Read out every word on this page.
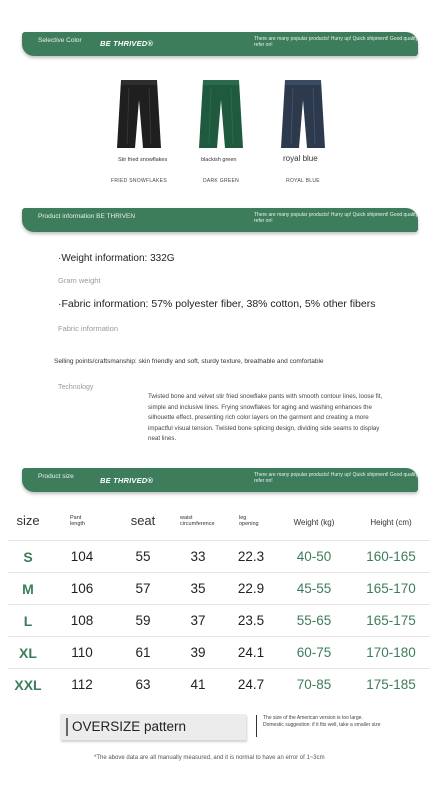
Selective Color BE THRIVED®	There are many popular products! Hurry up! Quick shipment! Good quality refer on!
Stir fried snowflakes	blackish green	royal blue
FRIED SNOWFLAKES	DARK GREEN	ROYAL BLUE
Product information BE THRIVEN	There are many popular products! Hurry up! Quick shipment! Good quality refer on!
·Weight information: 332G
Gram weight
·Fabric information: 57% polyester fiber, 38% cotton, 5% other fibers
Fabric information
Selling points/craftsmanship: skin friendly and soft, sturdy texture, breathable and comfortable
Technology
Twisted bone and velvet stir fried snowflake pants with smooth contour lines, loose fit, simple and inclusive lines. Frying snowflakes for aging and washing enhances the silhouette effect, presenting rich color layers on the garment and creating a more impactful visual tension. Twisted bone splicing design, dividing side seams to display neat lines.
Product size	BE THRIVED®
There are many popular products! Hurry up! Quick shipment! Good quality refer on!
size	Pant length	seat	waist circumference	leg opening	Weight (kg)	Height (cm)
S	104	55	33	22.3	40-50	160-165
M	106	57	35	22.9	45-55	165-170
L	108	59	37	23.5	55-65	165-175
XL	110	61	39	24.1	60-75	170-180
XXL	112	63	41	24.7	70-85	175-185
OVERSIZE pattern
The size of the American version is too large. Domestic suggestion: if it fits well, take a smaller size
*The above data are all manually measured, and it is normal to have an error of 1~3cm
